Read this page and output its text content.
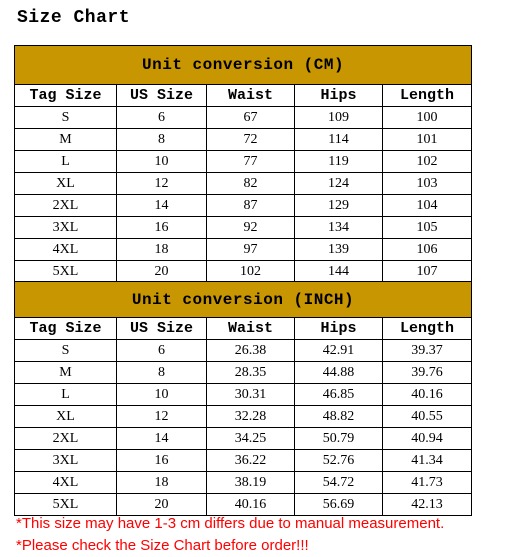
Size Chart
Unit conversion (CM)				
Tag Size	US Size	Waist	Hips	Length
S	6	67	109	100
M	8	72	114	101
L	10	77	119	102
XL	12	82	124	103
2XL	14	87	129	104
3XL	16	92	134	105
4XL	18	97	139	106
5XL	20	102	144	107
Unit conversion (INCH)				
Tag Size	US Size	Waist	Hips	Length
S	6	26.38	42.91	39.37
M	8	28.35	44.88	39.76
L	10	30.31	46.85	40.16
XL	12	32.28	48.82	40.55
2XL	14	34.25	50.79	40.94
3XL	16	36.22	52.76	41.34
4XL	18	38.19	54.72	41.73
5XL	20	40.16	56.69	42.13
*This size may have 1-3 cm differs due to manual measurement.
*Please check the Size Chart before order!!!
